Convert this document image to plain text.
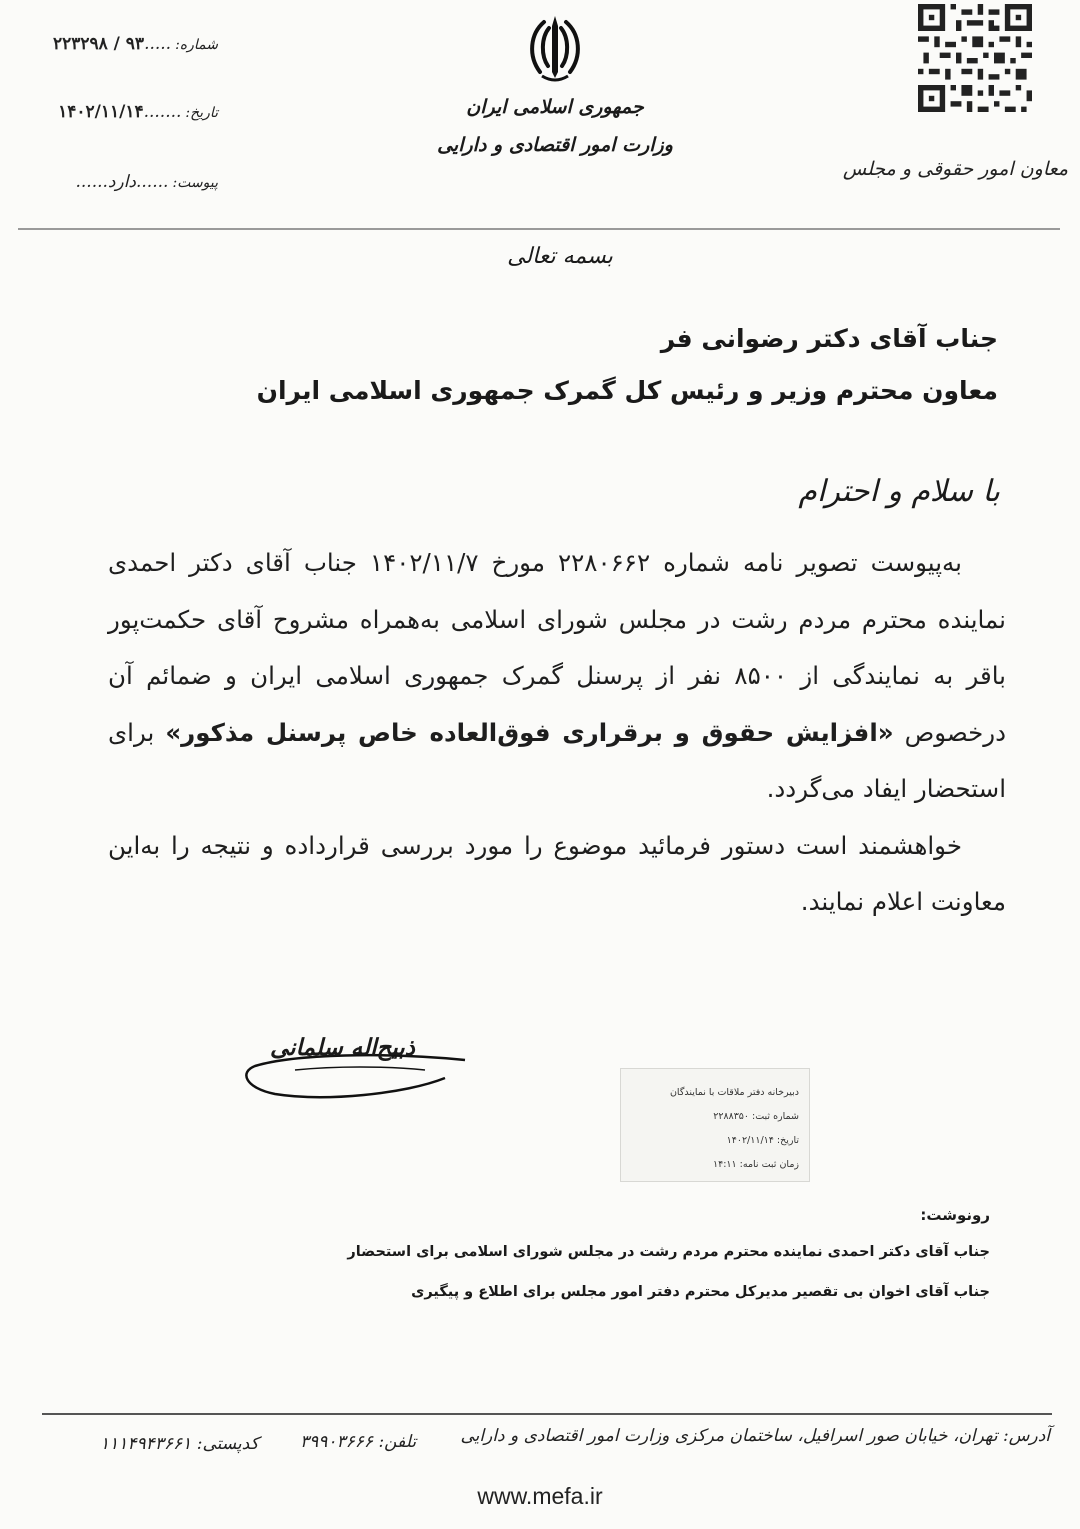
معاون امور حقوقی و مجلس
جمهوری اسلامی ایران
وزارت امور اقتصادی و دارایی
شماره:.....۹۳ / ۲۲۳۲۹۸
تاریخ:.......۱۴۰۲/۱۱/۱۴
پیوست:......دارد......
بسمه تعالی
جناب آقای دکتر رضوانی فر
معاون محترم وزیر و رئیس کل گمرک جمهوری اسلامی ایران
با سلام و احترام

به‌پیوست تصویر نامه شماره ۲۲۸۰۶۶۲ مورخ ۱۴۰۲/۱۱/۷ جناب آقای دکتر احمدی نماینده محترم مردم رشت در مجلس شورای اسلامی به‌همراه مشروح آقای حکمت‌پور باقر به نمایندگی از ۸۵۰۰ نفر از پرسنل گمرک جمهوری اسلامی ایران و ضمائم آن درخصوص «افزایش حقوق و برقراری فوق‌العاده خاص پرسنل مذکور» برای استحضار ایفاد می‌گردد.

خواهشمند است دستور فرمائید موضوع را مورد بررسی قرارداده و نتیجه را به‌این معاونت اعلام نمایند.

ذبیح‌اله سلمانی
دبیرخانه دفتر ملاقات با نمایندگان
شماره ثبت: ۲۲۸۸۳۵۰
تاریخ: ۱۴۰۲/۱۱/۱۴
زمان ثبت نامه: ۱۴:۱۱
رونوشت:
جناب آقای دکتر احمدی نماینده محترم مردم رشت در مجلس شورای اسلامی برای استحضار
جناب آقای اخوان بی تقصیر مدیرکل محترم دفتر امور مجلس برای اطلاع و پیگیری
آدرس: تهران، خیابان صور اسرافیل، ساختمان مرکزی وزارت امور اقتصادی و دارایی
تلفن: ۳۹۹۰۳۶۶۶
کدپستی: ۱۱۱۴۹۴۳۶۶۱
www.mefa.ir
